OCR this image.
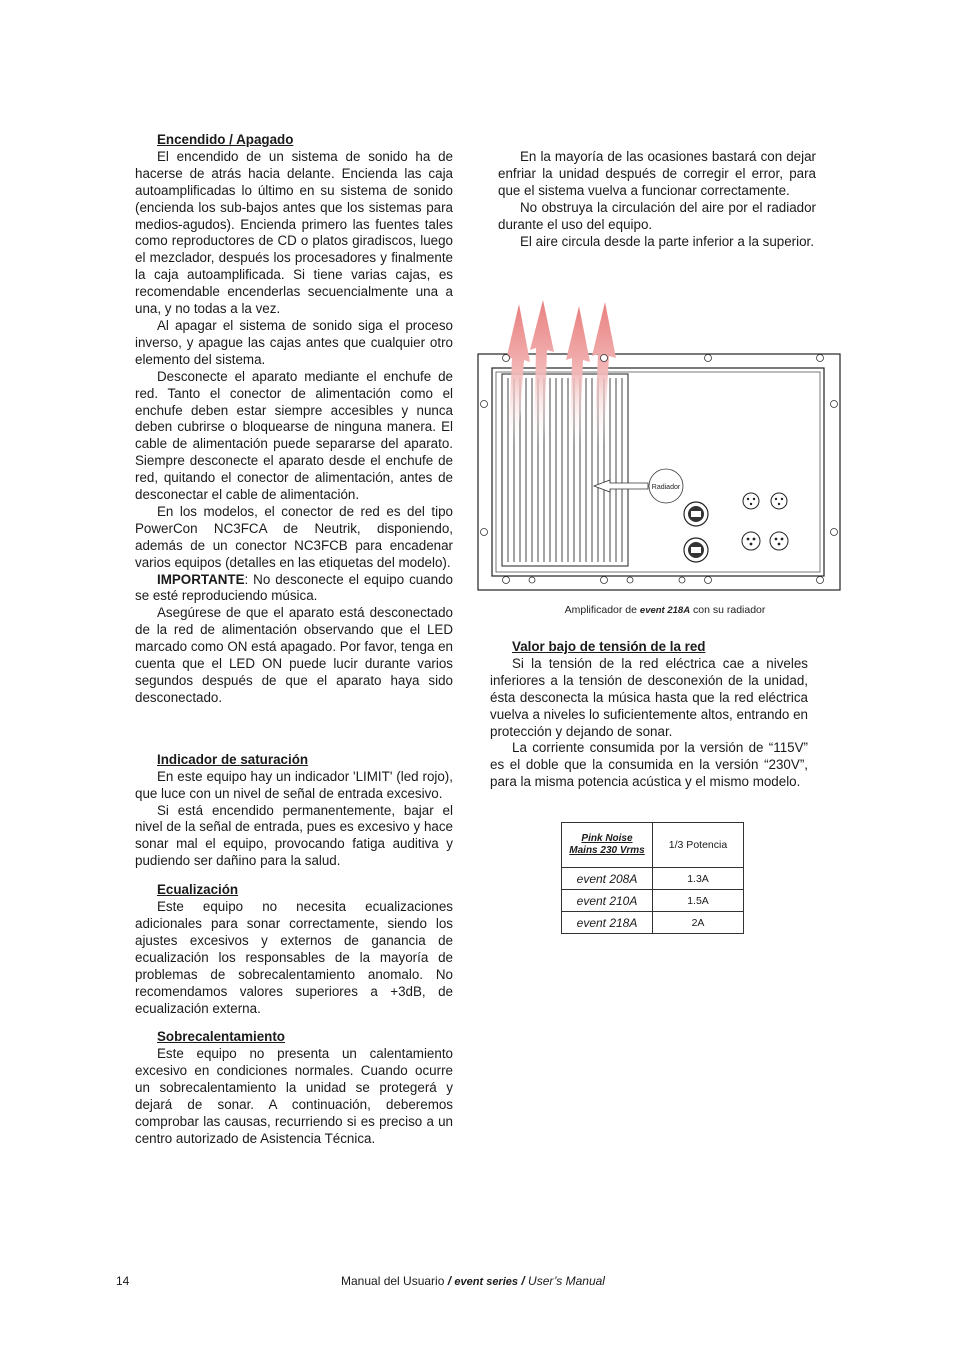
Encendido / Apagado

El encendido de un sistema de sonido ha de hacerse de atrás hacia delante. Encienda las caja autoamplificadas lo último en su sistema de sonido (encienda los sub-bajos antes que los sistemas para medios-agudos). Encienda primero las fuentes tales como reproductores de CD o platos giradiscos, luego el mezclador, después los procesadores y finalmente la caja autoamplificada. Si tiene varias cajas, es recomendable encenderlas secuencialmente una a una, y no todas a la vez.

Al apagar el sistema de sonido siga el proceso inverso, y apague las cajas antes que cualquier otro elemento del sistema.

Desconecte el aparato mediante el enchufe de red. Tanto el conector de alimentación como el enchufe deben estar siempre accesibles y nunca deben cubrirse o bloquearse de ninguna manera. El cable de alimentación puede separarse del aparato. Siempre desconecte el aparato desde el enchufe de red, quitando el conector de alimentación, antes de desconectar el cable de alimentación.

En los modelos, el conector de red es del tipo PowerCon NC3FCA de Neutrik, disponiendo, además de un conector NC3FCB para encadenar varios equipos (detalles en las etiquetas del modelo).

IMPORTANTE: No desconecte el equipo cuando se esté reproduciendo música.

Asegúrese de que el aparato está desconectado de la red de alimentación observando que el LED marcado como ON está apagado. Por favor, tenga en cuenta que el LED ON puede lucir durante varios segundos después de que el aparato haya sido desconectado.

Indicador de saturación

En este equipo hay un indicador 'LIMIT' (led rojo), que luce con un nivel de señal de entrada excesivo.

Si está encendido permanentemente, bajar el nivel de la señal de entrada, pues es excesivo y hace sonar mal el equipo, provocando fatiga auditiva y pudiendo ser dañino para la salud.

Ecualización

Este equipo no necesita ecualizaciones adicionales para sonar correctamente, siendo los ajustes excesivos y externos de ganancia de ecualización los responsables de la mayoría de problemas de sobrecalentamiento anomalo. No recomendamos valores superiores a +3dB, de ecualización externa.

Sobrecalentamiento

Este equipo no presenta un calentamiento excesivo en condiciones normales. Cuando ocurre un sobrecalentamiento la unidad se protegerá y dejará de sonar. A continuación, deberemos comprobar las causas, recurriendo si es preciso a un centro autorizado de Asistencia Técnica.

En la mayoría de las ocasiones bastará con dejar enfriar la unidad después de corregir el error, para que el sistema vuelva a funcionar correctamente.

No obstruya la circulación del aire por el radiador durante el uso del equipo.

El aire circula desde la parte inferior a la superior.

Radiador
Amplificador de event 218A con su radiador
Valor bajo de tensión de la red

Si la tensión de la red eléctrica cae a niveles inferiores a la tensión de desconexión de la unidad, ésta desconecta la música hasta que la red eléctrica vuelva a niveles lo suficientemente altos, entrando en protección y dejando de sonar.

La corriente consumida por la versión de “115V” es el doble que la consumida en la versión “230V”, para la misma potencia acústica y el mismo modelo.

Pink Noise
Mains 230 Vrms	1/3 Potencia
event 208A	1.3A
event 210A	1.5A
event 218A	2A
14	Manual del Usuario / event series / User’s Manual
